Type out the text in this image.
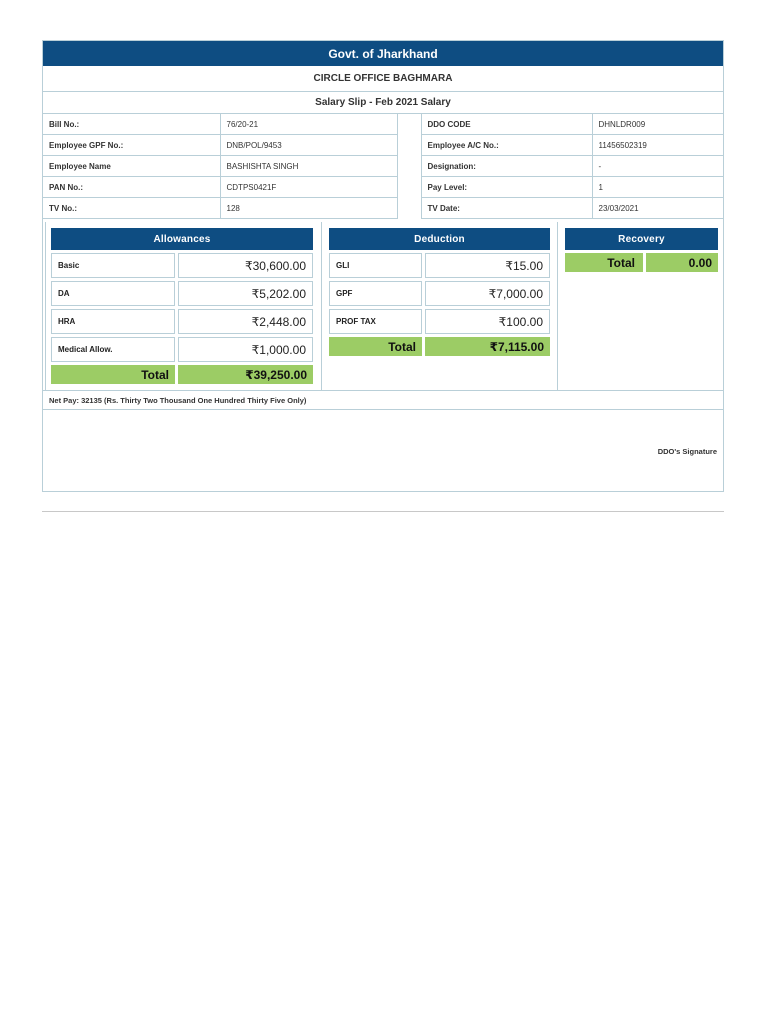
Govt. of Jharkhand
CIRCLE OFFICE BAGHMARA
Salary Slip - Feb 2021 Salary
Bill No.:	76/20-21		DDO CODE	DHNLDR009
Employee GPF No.:	DNB/POL/9453		Employee A/C No.:	11456502319
Employee Name	BASHISHTA SINGH		Designation:	-
PAN No.:	CDTPS0421F		Pay Level:	1
TV No.:	128		TV Date:	23/03/2021
Allowances
Basic	₹30,600.00
DA	₹5,202.00
HRA	₹2,448.00
Medical Allow.	₹1,000.00
Total	₹39,250.00
Deduction
GLI	₹15.00
GPF	₹7,000.00
PROF TAX	₹100.00
Total	₹7,115.00
Recovery
Total	0.00
Net Pay: 32135 (Rs. Thirty Two Thousand One Hundred Thirty Five Only)
DDO's Signature
